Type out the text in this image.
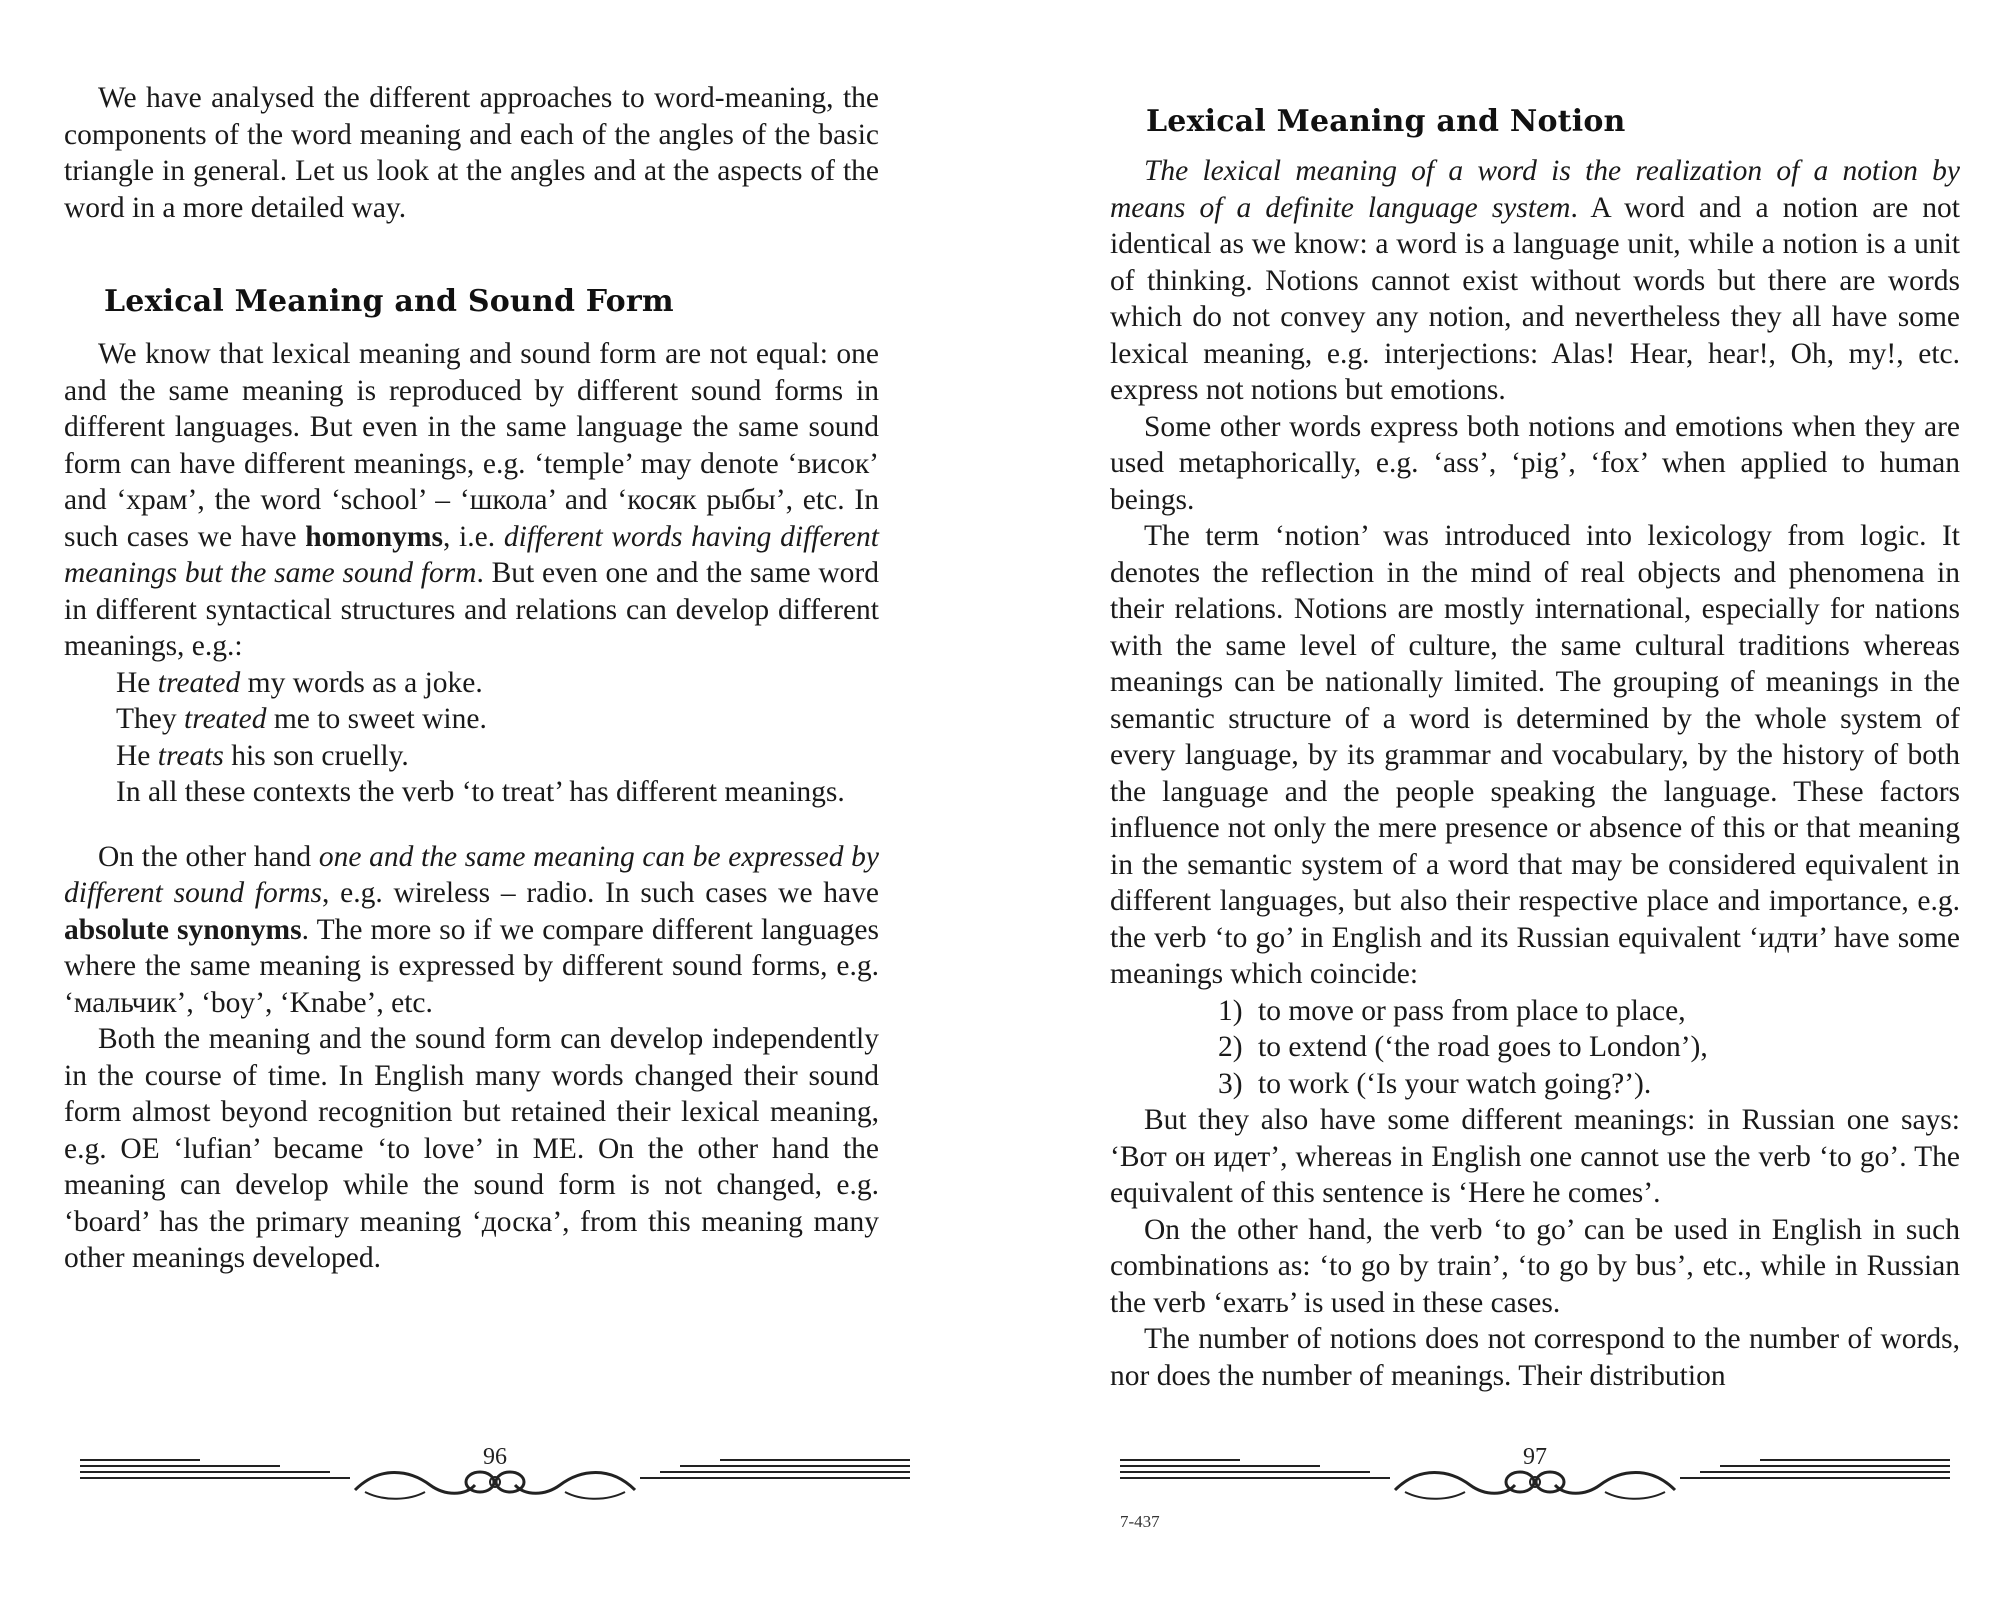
We have analysed the different approaches to word-meaning, the components of the word meaning and each of the angles of the basic triangle in general. Let us look at the angles and at the aspects of the word in a more detailed way.

Lexical Meaning and Sound Form

We know that lexical meaning and sound form are not equal: one and the same meaning is reproduced by different sound forms in different languages. But even in the same language the same sound form can have different meanings, e.g. ‘temple’ may denote ‘висок’ and ‘храм’, the word ‘school’ – ‘школа’ and ‘косяк рыбы’, etc. In such cases we have homonyms, i.e. different words having different meanings but the same sound form. But even one and the same word in different syntactical structures and relations can develop different meanings, e.g.:

He treated my words as a joke.

They treated me to sweet wine.

He treats his son cruelly.

In all these contexts the verb ‘to treat’ has different meanings.

On the other hand one and the same meaning can be expressed by different sound forms, e.g. wireless – radio. In such cases we have absolute synonyms. The more so if we compare different languages where the same meaning is expressed by different sound forms, e.g. ‘мальчик’, ‘boy’, ‘Knabe’, etc.

Both the meaning and the sound form can develop independently in the course of time. In English many words changed their sound form almost beyond recognition but retained their lexical meaning, e.g. OE ‘lufian’ became ‘to love’ in ME. On the other hand the meaning can develop while the sound form is not changed, e.g. ‘board’ has the primary meaning ‘доска’, from this meaning many other meanings developed.

96
Lexical Meaning and Notion

The lexical meaning of a word is the realization of a notion by means of a definite language system. A word and a notion are not identical as we know: a word is a language unit, while a notion is a unit of thinking. Notions cannot exist without words but there are words which do not convey any notion, and nevertheless they all have some lexical meaning, e.g. interjections: Alas! Hear, hear!, Oh, my!, etc. express not notions but emotions.

Some other words express both notions and emotions when they are used metaphorically, e.g. ‘ass’, ‘pig’, ‘fox’ when applied to human beings.

The term ‘notion’ was introduced into lexicology from logic. It denotes the reflection in the mind of real objects and phenomena in their relations. Notions are mostly international, especially for nations with the same level of culture, the same cultural traditions whereas meanings can be nationally limited. The grouping of meanings in the semantic structure of a word is determined by the whole system of every language, by its grammar and vocabulary, by the history of both the language and the people speaking the language. These factors influence not only the mere presence or absence of this or that meaning in the semantic system of a word that may be considered equivalent in different languages, but also their respective place and importance, e.g. the verb ‘to go’ in English and its Russian equivalent ‘идти’ have some meanings which coincide:

1) to move or pass from place to place,
2) to extend (‘the road goes to London’),
3) to work (‘Is your watch going?’).

But they also have some different meanings: in Russian one says: ‘Вот он идет’, whereas in English one cannot use the verb ‘to go’. The equivalent of this sentence is ‘Here he comes’.

On the other hand, the verb ‘to go’ can be used in English in such combinations as: ‘to go by train’, ‘to go by bus’, etc., while in Russian the verb ‘ехать’ is used in these cases.

The number of notions does not correspond to the number of words, nor does the number of meanings. Their distribution

97
7-437
